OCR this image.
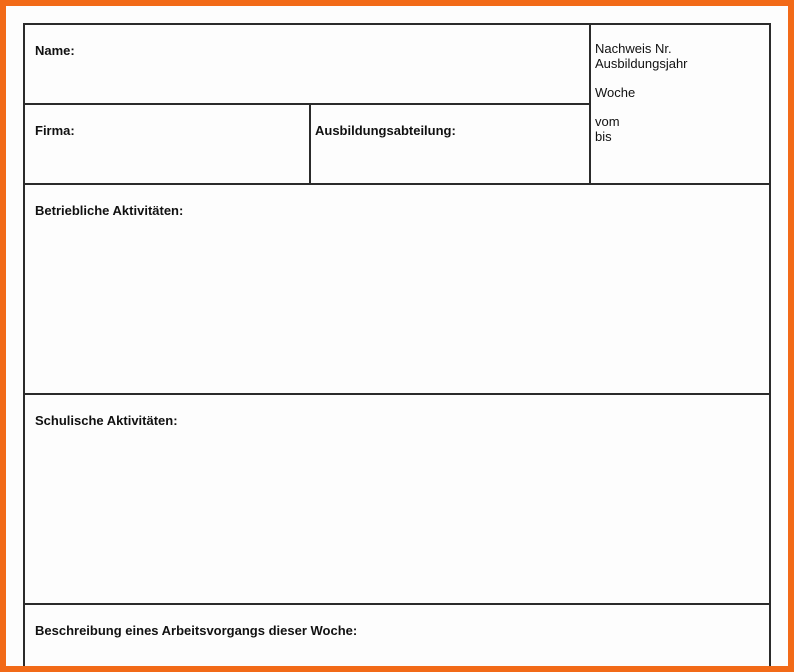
Name:
Firma:	Ausbildungsabteilung:
Nachweis Nr.
Ausbildungsjahr
Woche
vom
bis
Betriebliche Aktivitäten:
Schulische Aktivitäten:
Beschreibung eines Arbeitsvorgangs dieser Woche:
